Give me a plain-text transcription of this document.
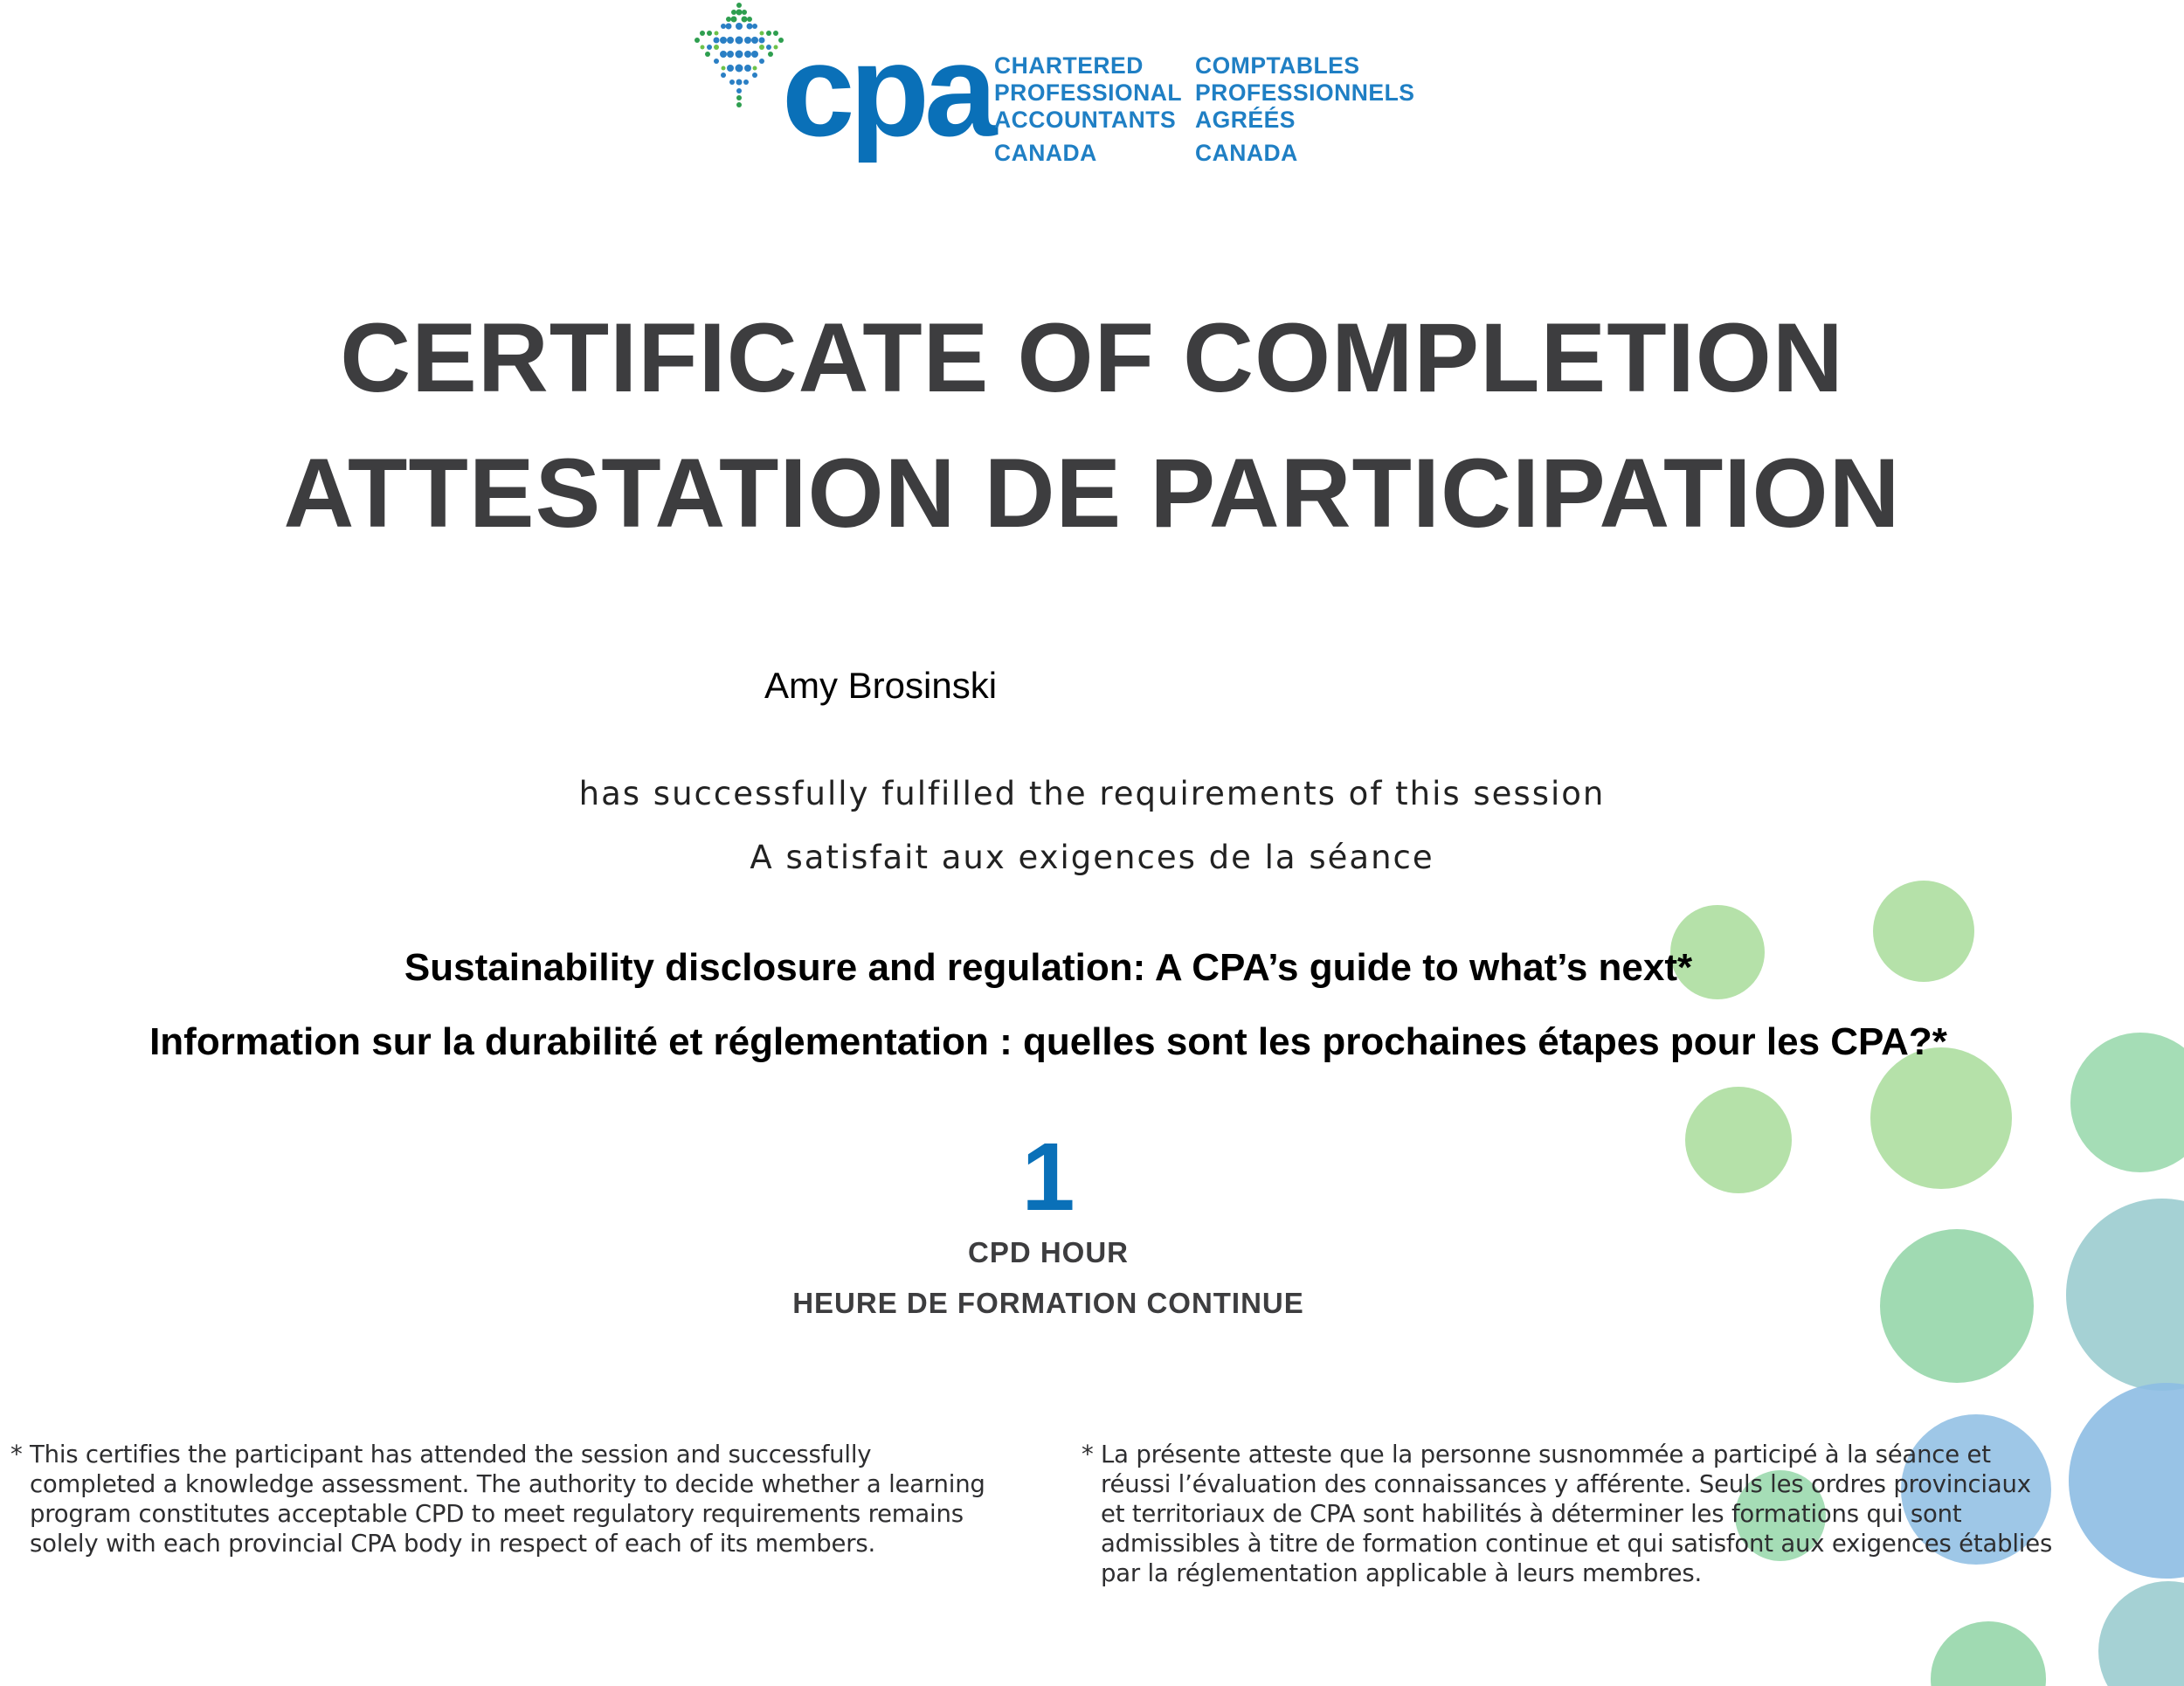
cpa CHARTERED
PROFESSIONAL
ACCOUNTANTS
CANADA
COMPTABLES
PROFESSIONNELS
AGRÉÉS
CANADA
CERTIFICATE OF COMPLETION
ATTESTATION DE PARTICIPATION
Amy Brosinski
has successfully fulfilled the requirements of this session
A satisfait aux exigences de la séance
Sustainability disclosure and regulation: A CPA’s guide to what’s next*
Information sur la durabilité et réglementation : quelles sont les prochaines étapes pour les CPA?*
1
CPD HOUR
HEURE DE FORMATION CONTINUE
* This certifies the participant has attended the session and successfully
completed a knowledge assessment. The authority to decide whether a learning
program constitutes acceptable CPD to meet regulatory requirements remains
solely with each provincial CPA body in respect of each of its members.
* La présente atteste que la personne susnommée a participé à la séance et
réussi l’évaluation des connaissances y afférente. Seuls les ordres provinciaux
et territoriaux de CPA sont habilités à déterminer les formations qui sont
admissibles à titre de formation continue et qui satisfont aux exigences établies
par la réglementation applicable à leurs membres.
